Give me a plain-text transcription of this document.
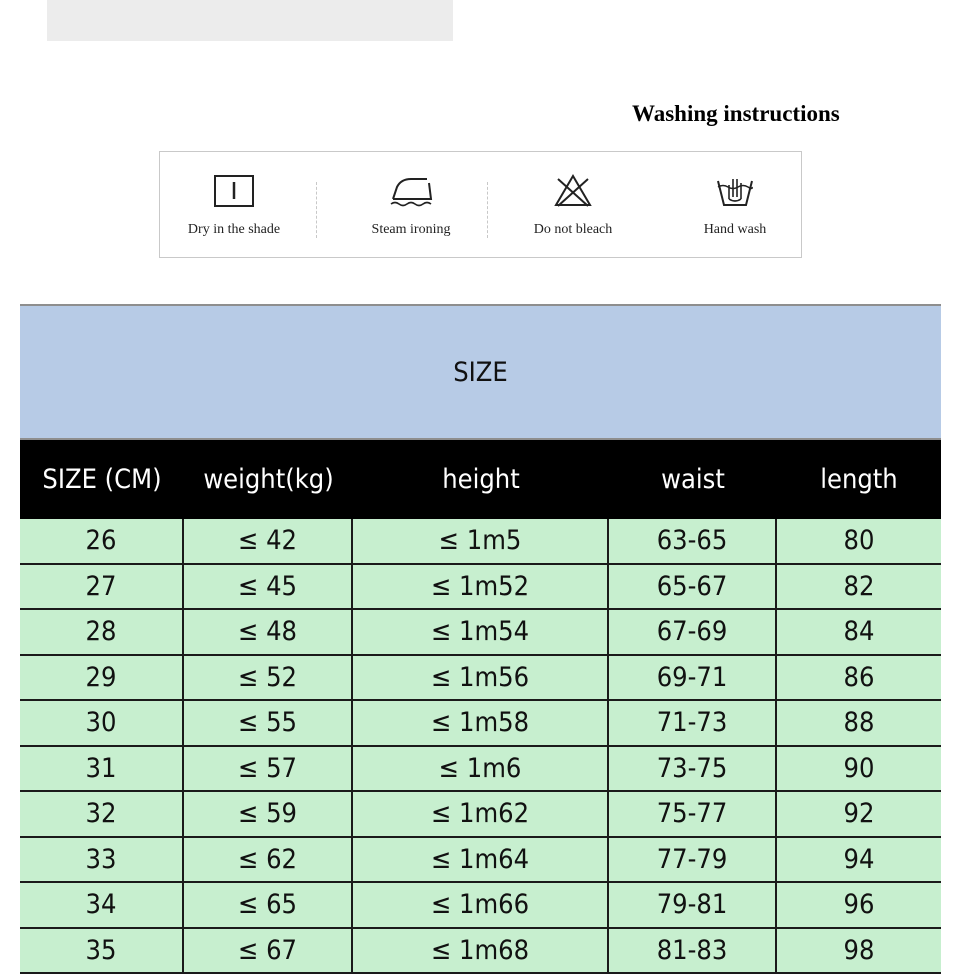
Washing instructions
Dry in the shade	Steam ironing	Do not bleach	Hand wash
SIZE
SIZE (CM)	weight(kg)	height	waist	length
26	≤ 42	≤ 1m5	63-65	80
27	≤ 45	≤ 1m52	65-67	82
28	≤ 48	≤ 1m54	67-69	84
29	≤ 52	≤ 1m56	69-71	86
30	≤ 55	≤ 1m58	71-73	88
31	≤ 57	≤ 1m6	73-75	90
32	≤ 59	≤ 1m62	75-77	92
33	≤ 62	≤ 1m64	77-79	94
34	≤ 65	≤ 1m66	79-81	96
35	≤ 67	≤ 1m68	81-83	98
